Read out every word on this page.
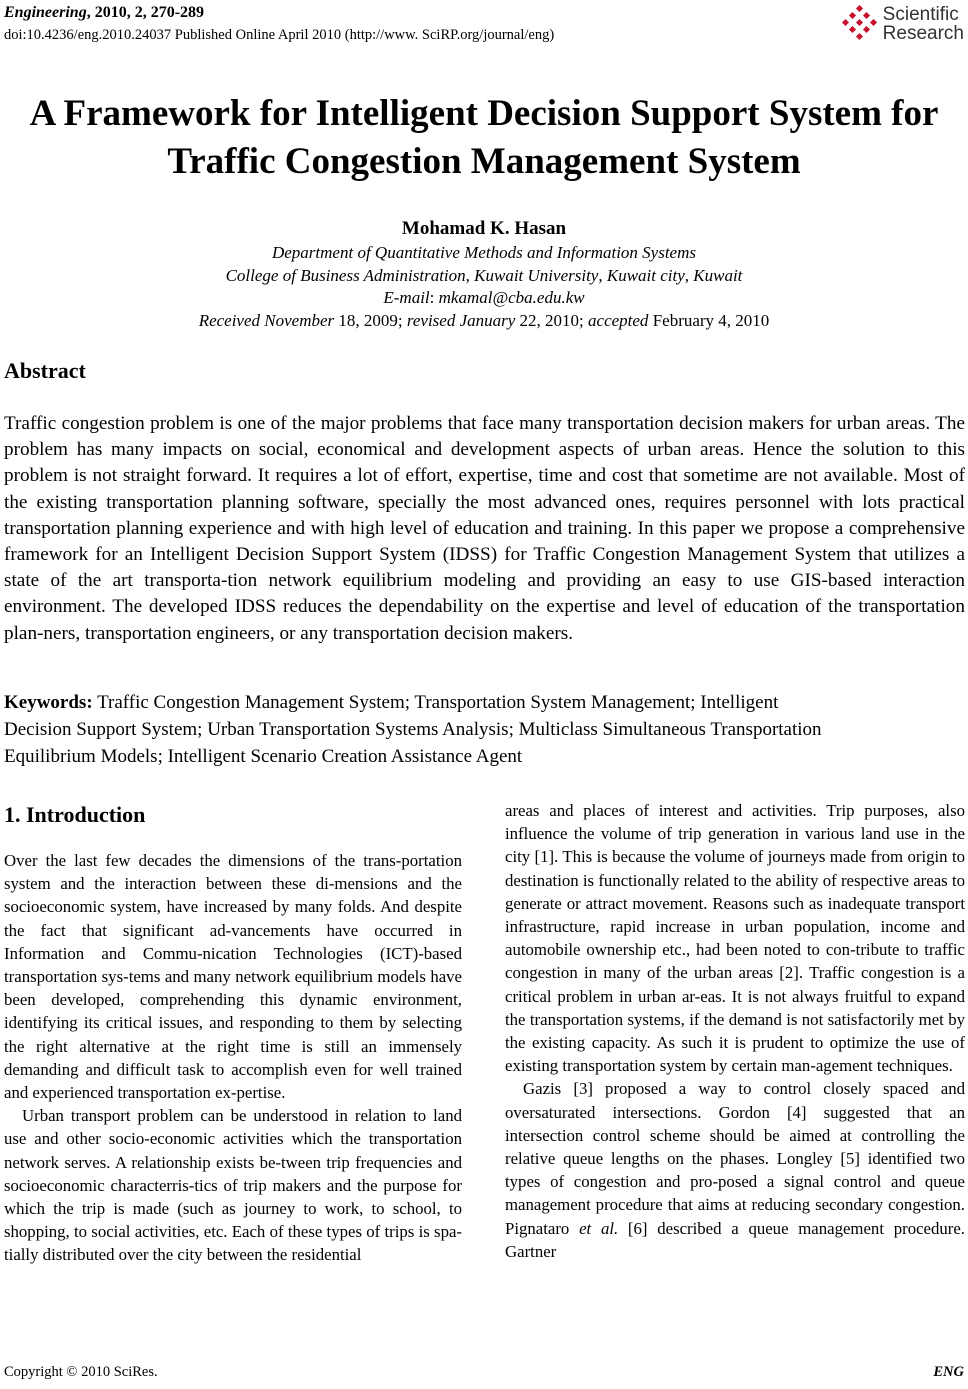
Engineering, 2010, 2, 270-289
doi:10.4236/eng.2010.24037 Published Online April 2010 (http://www. SciRP.org/journal/eng)
Scientific
Research
A Framework for Intelligent Decision Support System for
Traffic Congestion Management System
Mohamad K. Hasan
Department of Quantitative Methods and Information Systems
College of Business Administration, Kuwait University, Kuwait city, Kuwait
E-mail: mkamal@cba.edu.kw
Received November 18, 2009; revised January 22, 2010; accepted February 4, 2010
Abstract

Traffic congestion problem is one of the major problems that face many transportation decision makers for urban areas. The problem has many impacts on social, economical and development aspects of urban areas. Hence the solution to this problem is not straight forward. It requires a lot of effort, expertise, time and cost that sometime are not available. Most of the existing transportation planning software, specially the most advanced ones, requires personnel with lots practical transportation planning experience and with high level of education and training. In this paper we propose a comprehensive framework for an Intelligent Decision Support System (IDSS) for Traffic Congestion Management System that utilizes a state of the art transporta-tion network equilibrium modeling and providing an easy to use GIS-based interaction environment. The developed IDSS reduces the dependability on the expertise and level of education of the transportation plan-ners, transportation engineers, or any transportation decision makers.

Keywords: Traffic Congestion Management System; Transportation System Management; Intelligent
Decision Support System; Urban Transportation Systems Analysis; Multiclass Simultaneous Transportation
Equilibrium Models; Intelligent Scenario Creation Assistance Agent
1. Introduction

Over the last few decades the dimensions of the trans-portation system and the interaction between these di-mensions and the socioeconomic system, have increased by many folds. And despite the fact that significant ad-vancements have occurred in Information and Commu-nication Technologies (ICT)-based transportation sys-tems and many network equilibrium models have been developed, comprehending this dynamic environment, identifying its critical issues, and responding to them by selecting the right alternative at the right time is still an immensely demanding and difficult task to accomplish even for well trained and experienced transportation ex-pertise.

Urban transport problem can be understood in relation to land use and other socio-economic activities which the transportation network serves. A relationship exists be-tween trip frequencies and socioeconomic characterris-tics of trip makers and the purpose for which the trip is made (such as journey to work, to school, to shopping, to social activities, etc. Each of these types of trips is spa-tially distributed over the city between the residential

areas and places of interest and activities. Trip purposes, also influence the volume of trip generation in various land use in the city [1]. This is because the volume of journeys made from origin to destination is functionally related to the ability of respective areas to generate or attract movement. Reasons such as inadequate transport infrastructure, rapid increase in urban population, income and automobile ownership etc., had been noted to con-tribute to traffic congestion in many of the urban areas [2]. Traffic congestion is a critical problem in urban ar-eas. It is not always fruitful to expand the transportation systems, if the demand is not satisfactorily met by the existing capacity. As such it is prudent to optimize the use of existing transportation system by certain man-agement techniques.

Gazis [3] proposed a way to control closely spaced and oversaturated intersections. Gordon [4] suggested that an intersection control scheme should be aimed at controlling the relative queue lengths on the phases. Longley [5] identified two types of congestion and pro-posed a signal control and queue management procedure that aims at reducing secondary congestion. Pignataro et al. [6] described a queue management procedure. Gartner

Copyright © 2010 SciRes.	ENG
